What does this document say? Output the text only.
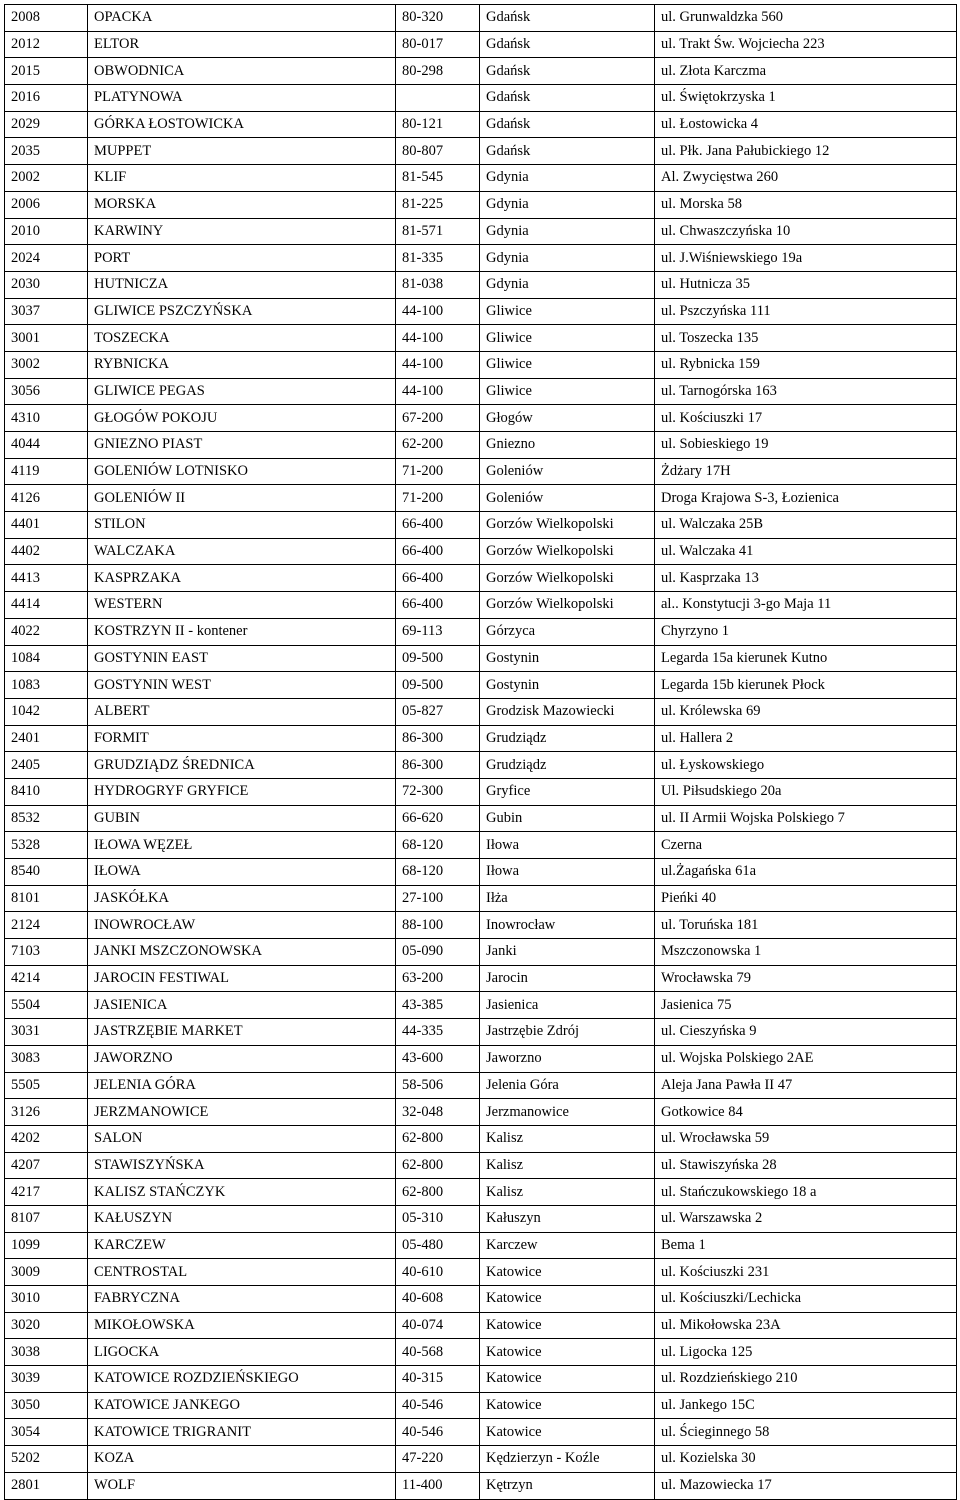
2008	OPACKA	80-320	Gdańsk	ul. Grunwaldzka 560
2012	ELTOR	80-017	Gdańsk	ul. Trakt Św. Wojciecha 223
2015	OBWODNICA	80-298	Gdańsk	ul. Złota Karczma
2016	PLATYNOWA		Gdańsk	ul. Świętokrzyska 1
2029	GÓRKA ŁOSTOWICKA	80-121	Gdańsk	ul. Łostowicka 4
2035	MUPPET	80-807	Gdańsk	ul. Płk. Jana Pałubickiego 12
2002	KLIF	81-545	Gdynia	Al. Zwycięstwa 260
2006	MORSKA	81-225	Gdynia	ul. Morska 58
2010	KARWINY	81-571	Gdynia	ul. Chwaszczyńska 10
2024	PORT	81-335	Gdynia	ul. J.Wiśniewskiego 19a
2030	HUTNICZA	81-038	Gdynia	ul. Hutnicza 35
3037	GLIWICE PSZCZYŃSKA	44-100	Gliwice	ul. Pszczyńska 111
3001	TOSZECKA	44-100	Gliwice	ul. Toszecka 135
3002	RYBNICKA	44-100	Gliwice	ul. Rybnicka 159
3056	GLIWICE PEGAS	44-100	Gliwice	ul. Tarnogórska 163
4310	GŁOGÓW POKOJU	67-200	Głogów	ul. Kościuszki 17
4044	GNIEZNO PIAST	62-200	Gniezno	ul. Sobieskiego 19
4119	GOLENIÓW LOTNISKO	71-200	Goleniów	Żdżary 17H
4126	GOLENIÓW II	71-200	Goleniów	Droga Krajowa S-3, Łozienica
4401	STILON	66-400	Gorzów Wielkopolski	ul. Walczaka 25B
4402	WALCZAKA	66-400	Gorzów Wielkopolski	ul. Walczaka 41
4413	KASPRZAKA	66-400	Gorzów Wielkopolski	ul. Kasprzaka 13
4414	WESTERN	66-400	Gorzów Wielkopolski	al.. Konstytucji 3-go Maja 11
4022	KOSTRZYN II - kontener	69-113	Górzyca	Chyrzyno 1
1084	GOSTYNIN EAST	09-500	Gostynin	Legarda 15a kierunek Kutno
1083	GOSTYNIN WEST	09-500	Gostynin	Legarda 15b kierunek Płock
1042	ALBERT	05-827	Grodzisk Mazowiecki	ul. Królewska 69
2401	FORMIT	86-300	Grudziądz	ul. Hallera 2
2405	GRUDZIĄDZ ŚREDNICA	86-300	Grudziądz	ul. Łyskowskiego
8410	HYDROGRYF GRYFICE	72-300	Gryfice	Ul. Piłsudskiego 20a
8532	GUBIN	66-620	Gubin	ul. II Armii Wojska Polskiego 7
5328	IŁOWA WĘZEŁ	68-120	Iłowa	Czerna
8540	IŁOWA	68-120	Iłowa	ul.Żagańska 61a
8101	JASKÓŁKA	27-100	Iłża	Pieńki 40
2124	INOWROCŁAW	88-100	Inowrocław	ul. Toruńska 181
7103	JANKI MSZCZONOWSKA	05-090	Janki	Mszczonowska 1
4214	JAROCIN FESTIWAL	63-200	Jarocin	Wrocławska 79
5504	JASIENICA	43-385	Jasienica	Jasienica 75
3031	JASTRZĘBIE MARKET	44-335	Jastrzębie Zdrój	ul. Cieszyńska 9
3083	JAWORZNO	43-600	Jaworzno	ul. Wojska Polskiego 2AE
5505	JELENIA GÓRA	58-506	Jelenia Góra	Aleja Jana Pawła II 47
3126	JERZMANOWICE	32-048	Jerzmanowice	Gotkowice 84
4202	SALON	62-800	Kalisz	ul. Wrocławska 59
4207	STAWISZYŃSKA	62-800	Kalisz	ul. Stawiszyńska 28
4217	KALISZ STAŃCZYK	62-800	Kalisz	ul. Stańczukowskiego 18 a
8107	KAŁUSZYN	05-310	Kałuszyn	ul. Warszawska 2
1099	KARCZEW	05-480	Karczew	Bema 1
3009	CENTROSTAL	40-610	Katowice	ul. Kościuszki 231
3010	FABRYCZNA	40-608	Katowice	ul. Kościuszki/Lechicka
3020	MIKOŁOWSKA	40-074	Katowice	ul. Mikołowska 23A
3038	LIGOCKA	40-568	Katowice	ul. Ligocka 125
3039	KATOWICE ROZDZIEŃSKIEGO	40-315	Katowice	ul. Rozdzieńskiego 210
3050	KATOWICE JANKEGO	40-546	Katowice	ul. Jankego 15C
3054	KATOWICE TRIGRANIT	40-546	Katowice	ul. Ścieginnego 58
5202	KOZA	47-220	Kędzierzyn - Koźle	ul. Kozielska 30
2801	WOLF	11-400	Kętrzyn	ul. Mazowiecka 17
